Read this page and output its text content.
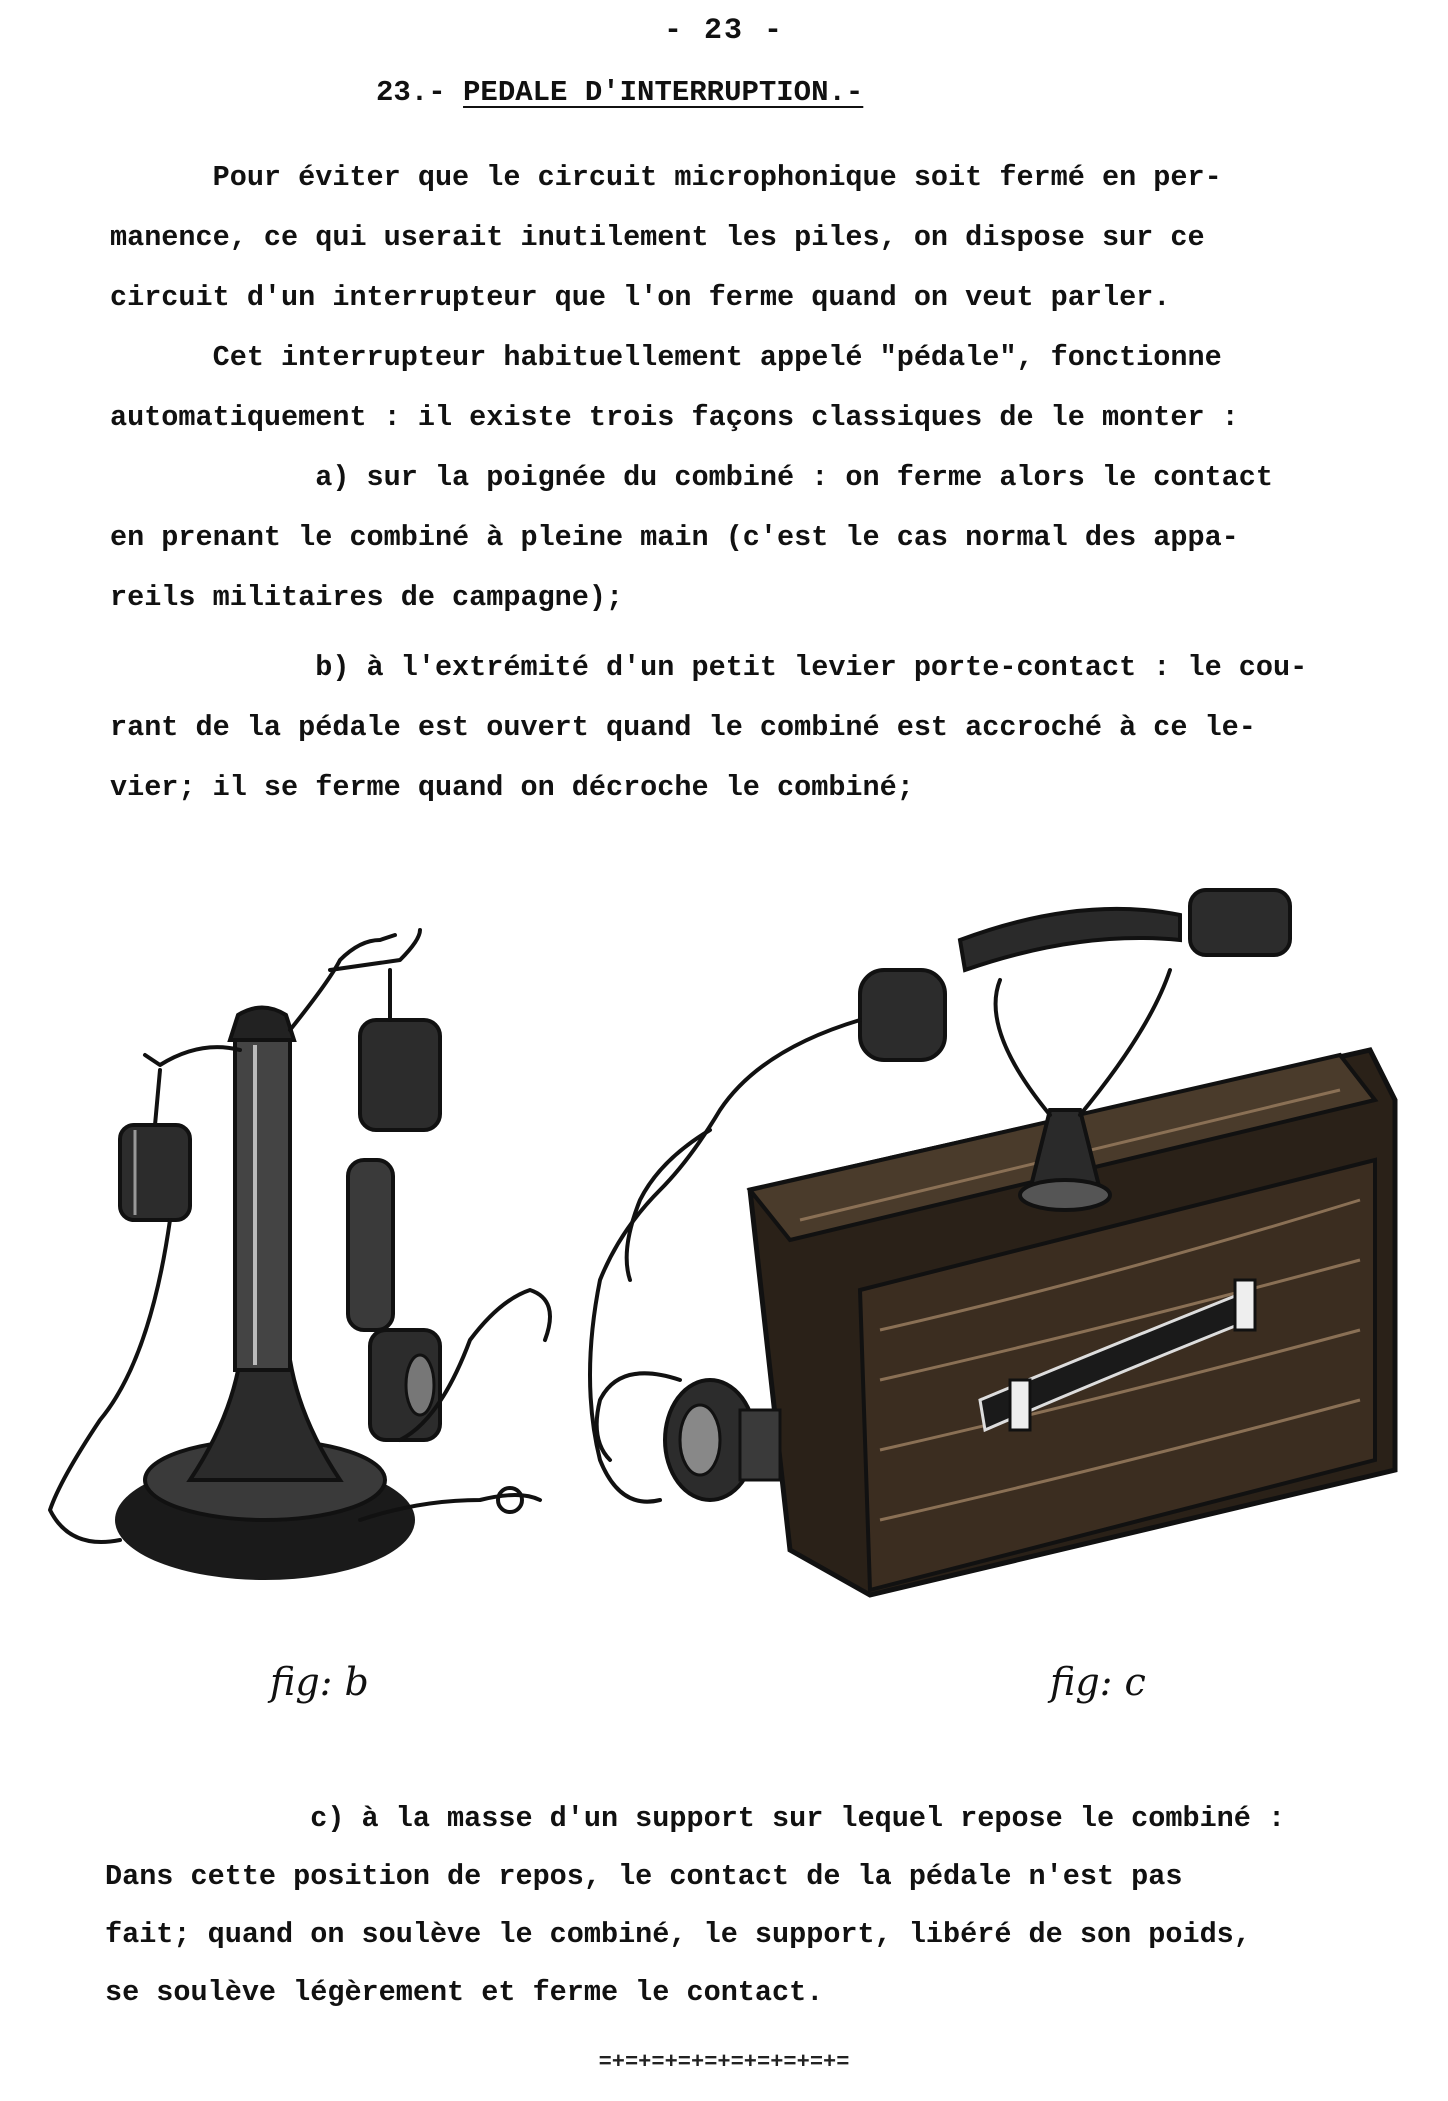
- 23 -
23.- PEDALE D'INTERRUPTION.-
Pour éviter que le circuit microphonique soit fermé en per-
manence, ce qui userait inutilement les piles, on dispose sur ce
circuit d'un interrupteur que l'on ferme quand on veut parler.
Cet interrupteur habituellement appelé "pédale", fonctionne
automatiquement : il existe trois façons classiques de le monter :
a) sur la poignée du combiné : on ferme alors le contact
en prenant le combiné à pleine main (c'est le cas normal des appa-
reils militaires de campagne);
b) à l'extrémité d'un petit levier porte-contact : le cou-
rant de la pédale est ouvert quand le combiné est accroché à ce le-
vier; il se ferme quand on décroche le combiné;
fig: b	fig: c
c) à la masse d'un support sur lequel repose le combiné :
Dans cette position de repos, le contact de la pédale n'est pas
fait; quand on soulève le combiné, le support, libéré de son poids,
se soulève légèrement et ferme le contact.
=+=+=+=+=+=+=+=+=+=
